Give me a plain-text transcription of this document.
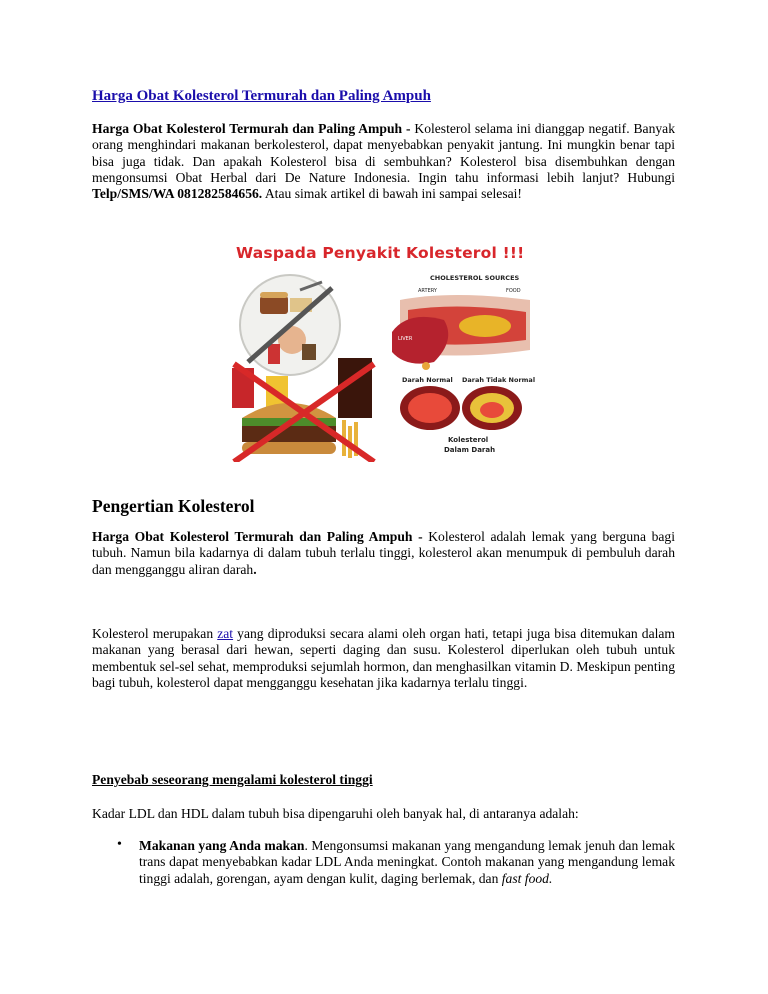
Harga Obat Kolesterol Termurah dan Paling Ampuh

Harga Obat Kolesterol Termurah dan Paling Ampuh - Kolesterol selama ini dianggap negatif. Banyak orang menghindari makanan berkolesterol, dapat menyebabkan penyakit jantung. Ini mungkin benar tapi bisa juga tidak. Dan apakah Kolesterol bisa di sembuhkan? Kolesterol bisa disembuhkan dengan mengonsumsi Obat Herbal dari De Nature Indonesia. Ingin tahu informasi lebih lanjut? Hubungi Telp/SMS/WA 081282584656. Atau simak artikel di bawah ini sampai selesai!

Pengertian Kolesterol

Harga Obat Kolesterol Termurah dan Paling Ampuh - Kolesterol adalah lemak yang berguna bagi tubuh. Namun bila kadarnya di dalam tubuh terlalu tinggi, kolesterol akan menumpuk di pembuluh darah dan mengganggu aliran darah.

Kolesterol merupakan zat yang diproduksi secara alami oleh organ hati, tetapi juga bisa ditemukan dalam makanan yang berasal dari hewan, seperti daging dan susu. Kolesterol diperlukan oleh tubuh untuk membentuk sel-sel sehat, memproduksi sejumlah hormon, dan menghasilkan vitamin D. Meskipun penting bagi tubuh, kolesterol dapat mengganggu kesehatan jika kadarnya terlalu tinggi.

Penyebab seseorang mengalami kolesterol tinggi

Kadar LDL dan HDL dalam tubuh bisa dipengaruhi oleh banyak hal, di antaranya adalah:

• Makanan yang Anda makan. Mengonsumsi makanan yang mengandung lemak jenuh dan lemak trans dapat menyebabkan kadar LDL Anda meningkat. Contoh makanan yang mengandung lemak tinggi adalah, gorengan, ayam dengan kulit, daging berlemak, dan fast food.

Waspada Penyakit Kolesterol !!!
CHOLESTEROL SOURCES
ARTERY	FOOD
LIVER
Darah Normal Darah Tidak Normal
Kolesterol
Dalam Darah
